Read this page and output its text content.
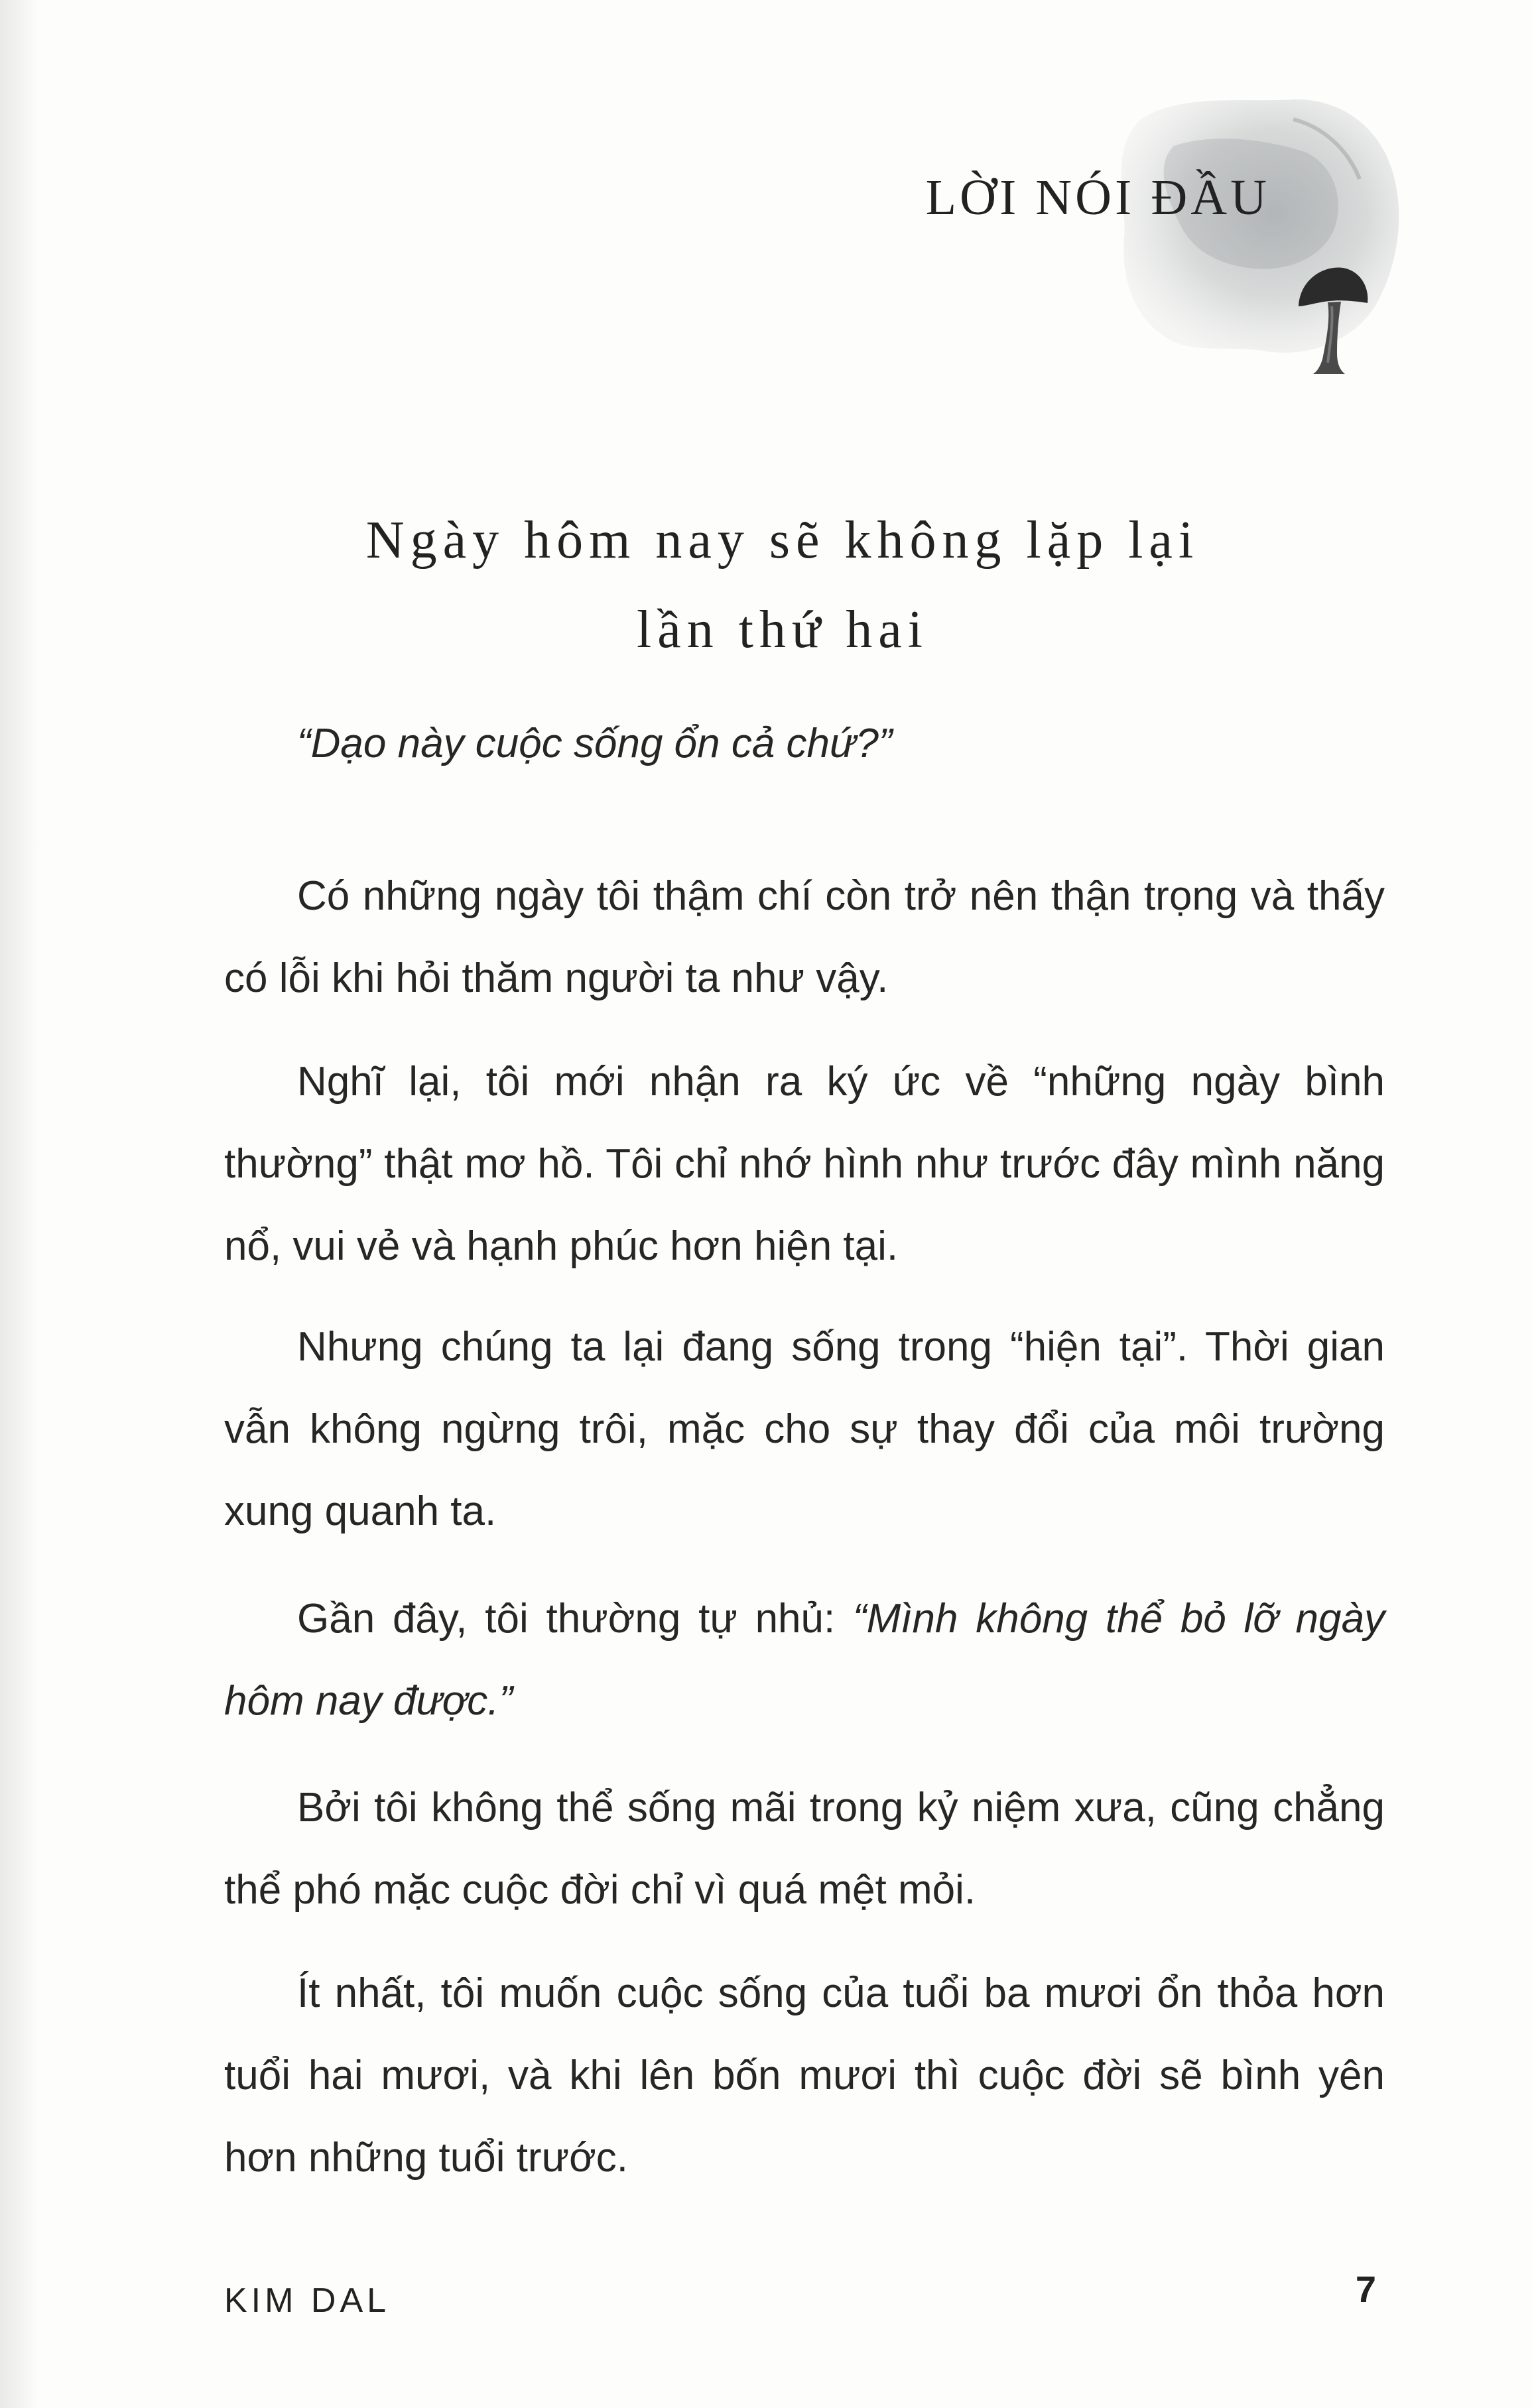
LỜI NÓI ĐẦU
Ngày hôm nay sẽ không lặp lại
lần thứ hai

“Dạo này cuộc sống ổn cả chứ?”

Có những ngày tôi thậm chí còn trở nên thận trọng và thấy có lỗi khi hỏi thăm người ta như vậy.

Nghĩ lại, tôi mới nhận ra ký ức về “những ngày bình thường” thật mơ hồ. Tôi chỉ nhớ hình như trước đây mình năng nổ, vui vẻ và hạnh phúc hơn hiện tại.

Nhưng chúng ta lại đang sống trong “hiện tại”. Thời gian vẫn không ngừng trôi, mặc cho sự thay đổi của môi trường xung quanh ta.

Gần đây, tôi thường tự nhủ: “Mình không thể bỏ lỡ ngày hôm nay được.”

Bởi tôi không thể sống mãi trong kỷ niệm xưa, cũng chẳng thể phó mặc cuộc đời chỉ vì quá mệt mỏi.

Ít nhất, tôi muốn cuộc sống của tuổi ba mươi ổn thỏa hơn tuổi hai mươi, và khi lên bốn mươi thì cuộc đời sẽ bình yên hơn những tuổi trước.

KIM DAL	7
